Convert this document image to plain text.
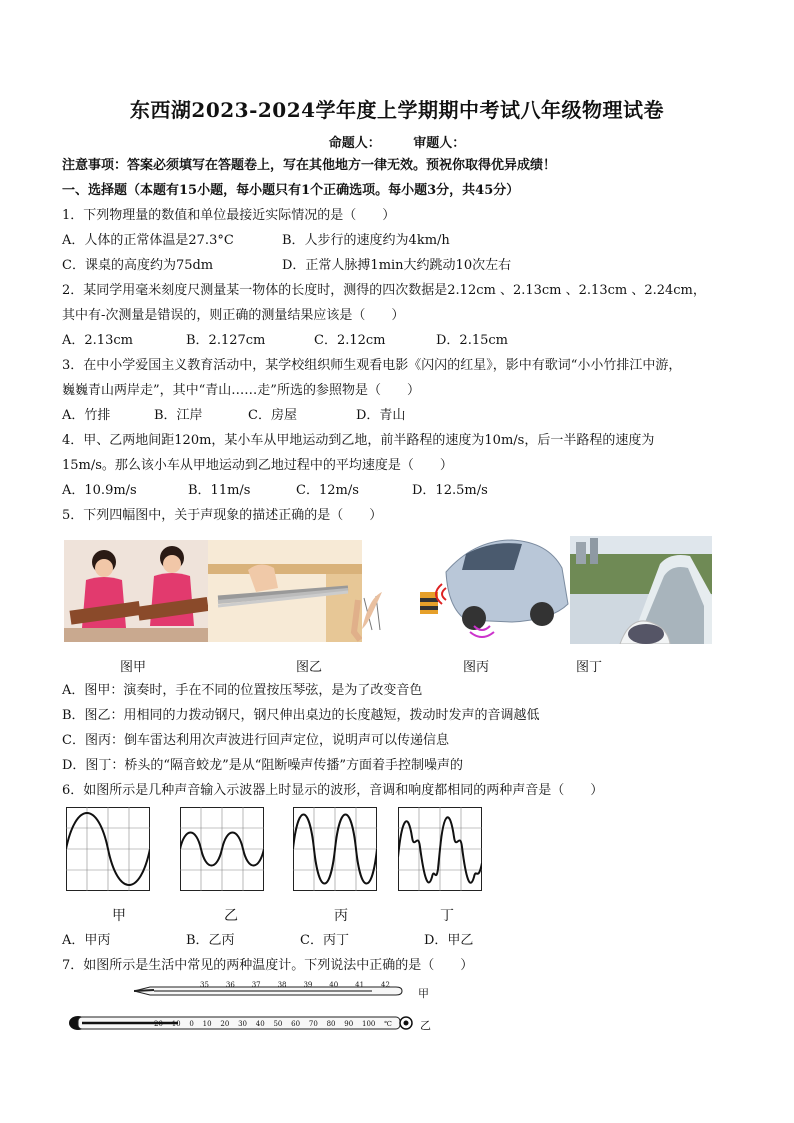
东西湖2023-2024学年度上学期期中考试八年级物理试卷
命题人：	审题人：
注意事项：答案必须填写在答题卷上，写在其他地方一律无效。预祝你取得优异成绩！
一、选择题（本题有15小题，每小题只有1个正确选项。每小题3分，共45分）
1．下列物理量的数值和单位最接近实际情况的是（　　）
A．人体的正常体温是27.3°C	B．人步行的速度约为4km/h
C．课桌的高度约为75dm	D．正常人脉搏1min大约跳动10次左右
2．某同学用毫米刻度尺测量某一物体的长度时，测得的四次数据是2.12cm 、2.13cm 、2.13cm 、2.24cm，
其中有-次测量是错误的，则正确的测量结果应该是（　　）
A．2.13cm	B．2.127cm	C．2.12cm	D．2.15cm
3．在中小学爱国主义教育活动中，某学校组织师生观看电影《闪闪的红星》，影中有歌词“小小竹排江中游，
巍巍青山两岸走”，其中“青山……走”所选的参照物是（　　）
A．竹排	B．江岸	C．房屋	D．青山
4．甲、乙两地间距120m，某小车从甲地运动到乙地，前半路程的速度为10m/s，后一半路程的速度为
15m/s。那么该小车从甲地运动到乙地过程中的平均速度是（　　）
A．10.9m/s	B．11m/s	C．12m/s	D．12.5m/s
5．下列四幅图中，关于声现象的描述正确的是（　　）
图甲	图乙	图丙	图丁
A．图甲：演奏时，手在不同的位置按压琴弦，是为了改变音色
B．图乙：用相同的力拨动钢尺，钢尺伸出桌边的长度越短，拨动时发声的音调越低
C．图丙：倒车雷达利用次声波进行回声定位，说明声可以传递信息
D．图丁：桥头的“隔音蛟龙”是从“阻断噪声传播”方面着手控制噪声的
6．如图所示是几种声音输入示波器上时显示的波形，音调和响度都相同的两种声音是（　　）
甲	乙	丙	丁
A．甲丙	B．乙丙	C．丙丁	D．甲乙
7．如图所示是生活中常见的两种温度计。下列说法中正确的是（　　）
35 36 37 38 39 40 41 42
甲
20 10 0 10 20 30 40 50 60 70 80 90 100 ℃	乙
